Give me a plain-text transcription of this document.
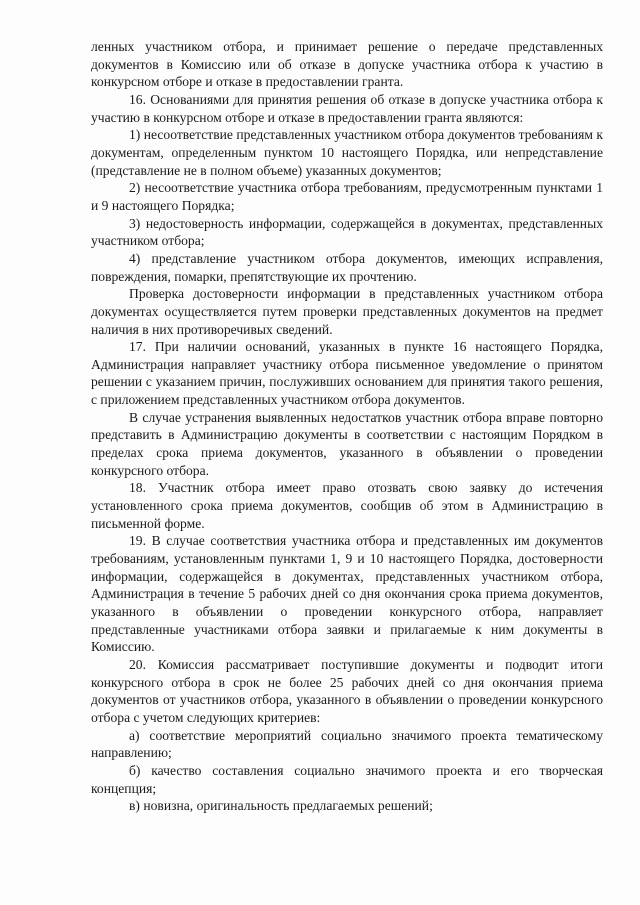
ленных участником отбора, и принимает решение о передаче представленных документов в Комиссию или об отказе в допуске участника отбора к участию в конкурсном отборе и отказе в предоставлении гранта.

16. Основаниями для принятия решения об отказе в допуске участника отбора к участию в конкурсном отборе и отказе в предоставлении гранта являются:

1) несоответствие представленных участником отбора документов требованиям к документам, определенным пунктом 10 настоящего Порядка, или непредставление (представление не в полном объеме) указанных документов;

2) несоответствие участника отбора требованиям, предусмотренным пунктами 1 и 9 настоящего Порядка;

3) недостоверность информации, содержащейся в документах, представленных участником отбора;

4) представление участником отбора документов, имеющих исправления, повреждения, помарки, препятствующие их прочтению.

Проверка достоверности информации в представленных участником отбора документах осуществляется путем проверки представленных документов на предмет наличия в них противоречивых сведений.

17. При наличии оснований, указанных в пункте 16 настоящего Порядка, Администрация направляет участнику отбора письменное уведомление о принятом решении с указанием причин, послуживших основанием для принятия такого решения, с приложением представленных участником отбора документов.

В случае устранения выявленных недостатков участник отбора вправе повторно представить в Администрацию документы в соответствии с настоящим Порядком в пределах срока приема документов, указанного в объявлении о проведении конкурсного отбора.

18. Участник отбора имеет право отозвать свою заявку до истечения установленного срока приема документов, сообщив об этом в Администрацию в письменной форме.

19. В случае соответствия участника отбора и представленных им документов требованиям, установленным пунктами 1, 9 и 10 настоящего Порядка, достоверности информации, содержащейся в документах, представленных участником отбора, Администрация в течение 5 рабочих дней со дня окончания срока приема документов, указанного в объявлении о проведении конкурсного отбора, направляет представленные участниками отбора заявки и прилагаемые к ним документы в Комиссию.

20. Комиссия рассматривает поступившие документы и подводит итоги конкурсного отбора в срок не более 25 рабочих дней со дня окончания приема документов от участников отбора, указанного в объявлении о проведении конкурсного отбора с учетом следующих критериев:

а) соответствие мероприятий социально значимого проекта тематическому направлению;

б) качество составления социально значимого проекта и его творческая концепция;

в) новизна, оригинальность предлагаемых решений;
